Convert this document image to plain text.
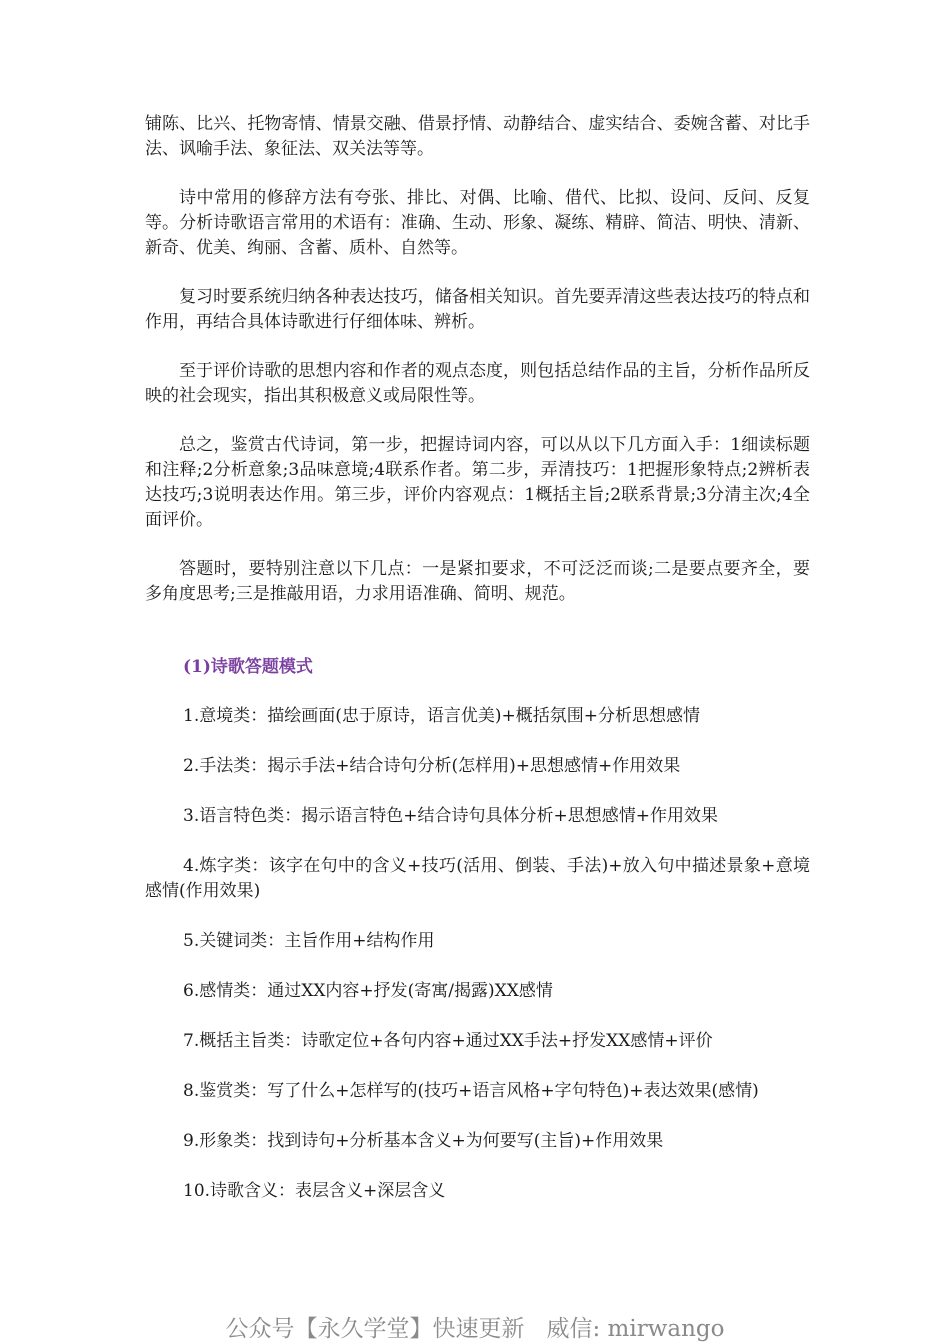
铺陈、比兴、托物寄情、情景交融、借景抒情、动静结合、虚实结合、委婉含蓄、对比手法、讽喻手法、象征法、双关法等等。

诗中常用的修辞方法有夸张、排比、对偶、比喻、借代、比拟、设问、反问、反复等。分析诗歌语言常用的术语有：准确、生动、形象、凝练、精辟、简洁、明快、清新、新奇、优美、绚丽、含蓄、质朴、自然等。

复习时要系统归纳各种表达技巧，储备相关知识。首先要弄清这些表达技巧的特点和作用，再结合具体诗歌进行仔细体味、辨析。

至于评价诗歌的思想内容和作者的观点态度，则包括总结作品的主旨，分析作品所反映的社会现实，指出其积极意义或局限性等。

总之，鉴赏古代诗词，第一步，把握诗词内容，可以从以下几方面入手：1细读标题和注释;2分析意象;3品味意境;4联系作者。第二步，弄清技巧：1把握形象特点;2辨析表达技巧;3说明表达作用。第三步，评价内容观点：1概括主旨;2联系背景;3分清主次;4全面评价。

答题时，要特别注意以下几点：一是紧扣要求，不可泛泛而谈;二是要点要齐全，要多角度思考;三是推敲用语，力求用语准确、简明、规范。

(1)诗歌答题模式
1.意境类：描绘画面(忠于原诗，语言优美)+概括氛围+分析思想感情
2.手法类：揭示手法+结合诗句分析(怎样用)+思想感情+作用效果
3.语言特色类：揭示语言特色+结合诗句具体分析+思想感情+作用效果
4.炼字类：该字在句中的含义+技巧(活用、倒装、手法)+放入句中描述景象+意境感情(作用效果)
5.关键词类：主旨作用+结构作用
6.感情类：通过XX内容+抒发(寄寓/揭露)XX感情
7.概括主旨类：诗歌定位+各句内容+通过XX手法+抒发XX感情+评价
8.鉴赏类：写了什么+怎样写的(技巧+语言风格+字句特色)+表达效果(感情)
9.形象类：找到诗句+分析基本含义+为何要写(主旨)+作用效果
10.诗歌含义：表层含义+深层含义
公众号【永久学堂】快速更新   威信: mirwango
